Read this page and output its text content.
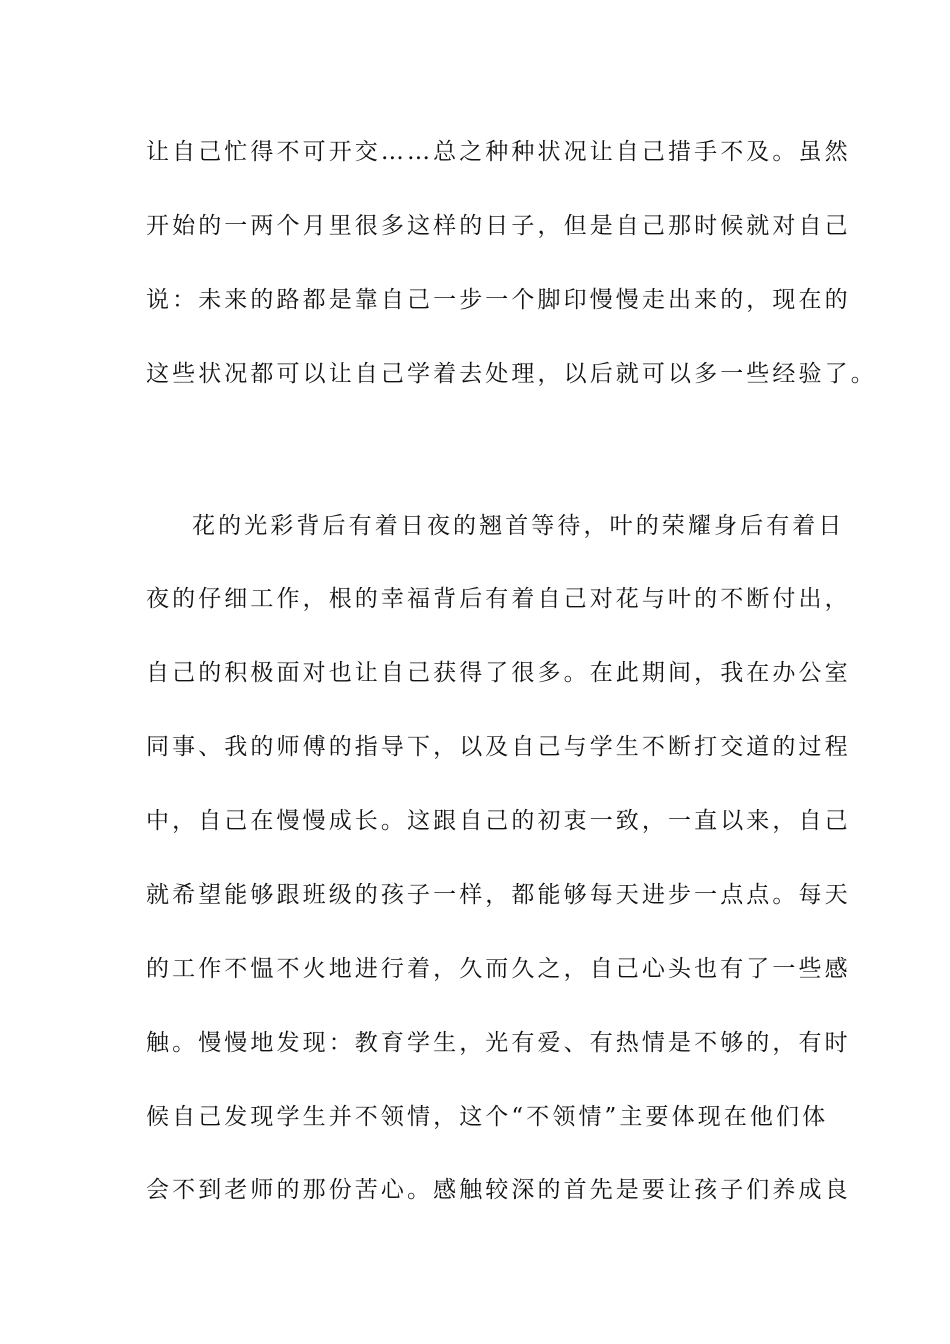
让自己忙得不可开交……总之种种状况让自己措手不及。虽然
开始的一两个月里很多这样的日子，但是自己那时候就对自己
说：未来的路都是靠自己一步一个脚印慢慢走出来的，现在的
这些状况都可以让自己学着去处理，以后就可以多一些经验了。
花的光彩背后有着日夜的翘首等待，叶的荣耀身后有着日
夜的仔细工作，根的幸福背后有着自己对花与叶的不断付出，
自己的积极面对也让自己获得了很多。在此期间，我在办公室
同事、我的师傅的指导下，以及自己与学生不断打交道的过程
中，自己在慢慢成长。这跟自己的初衷一致，一直以来，自己
就希望能够跟班级的孩子一样，都能够每天进步一点点。每天
的工作不愠不火地进行着，久而久之，自己心头也有了一些感
触。慢慢地发现：教育学生，光有爱、有热情是不够的，有时
候自己发现学生并不领情，这个“不领情”主要体现在他们体
会不到老师的那份苦心。感触较深的首先是要让孩子们养成良
